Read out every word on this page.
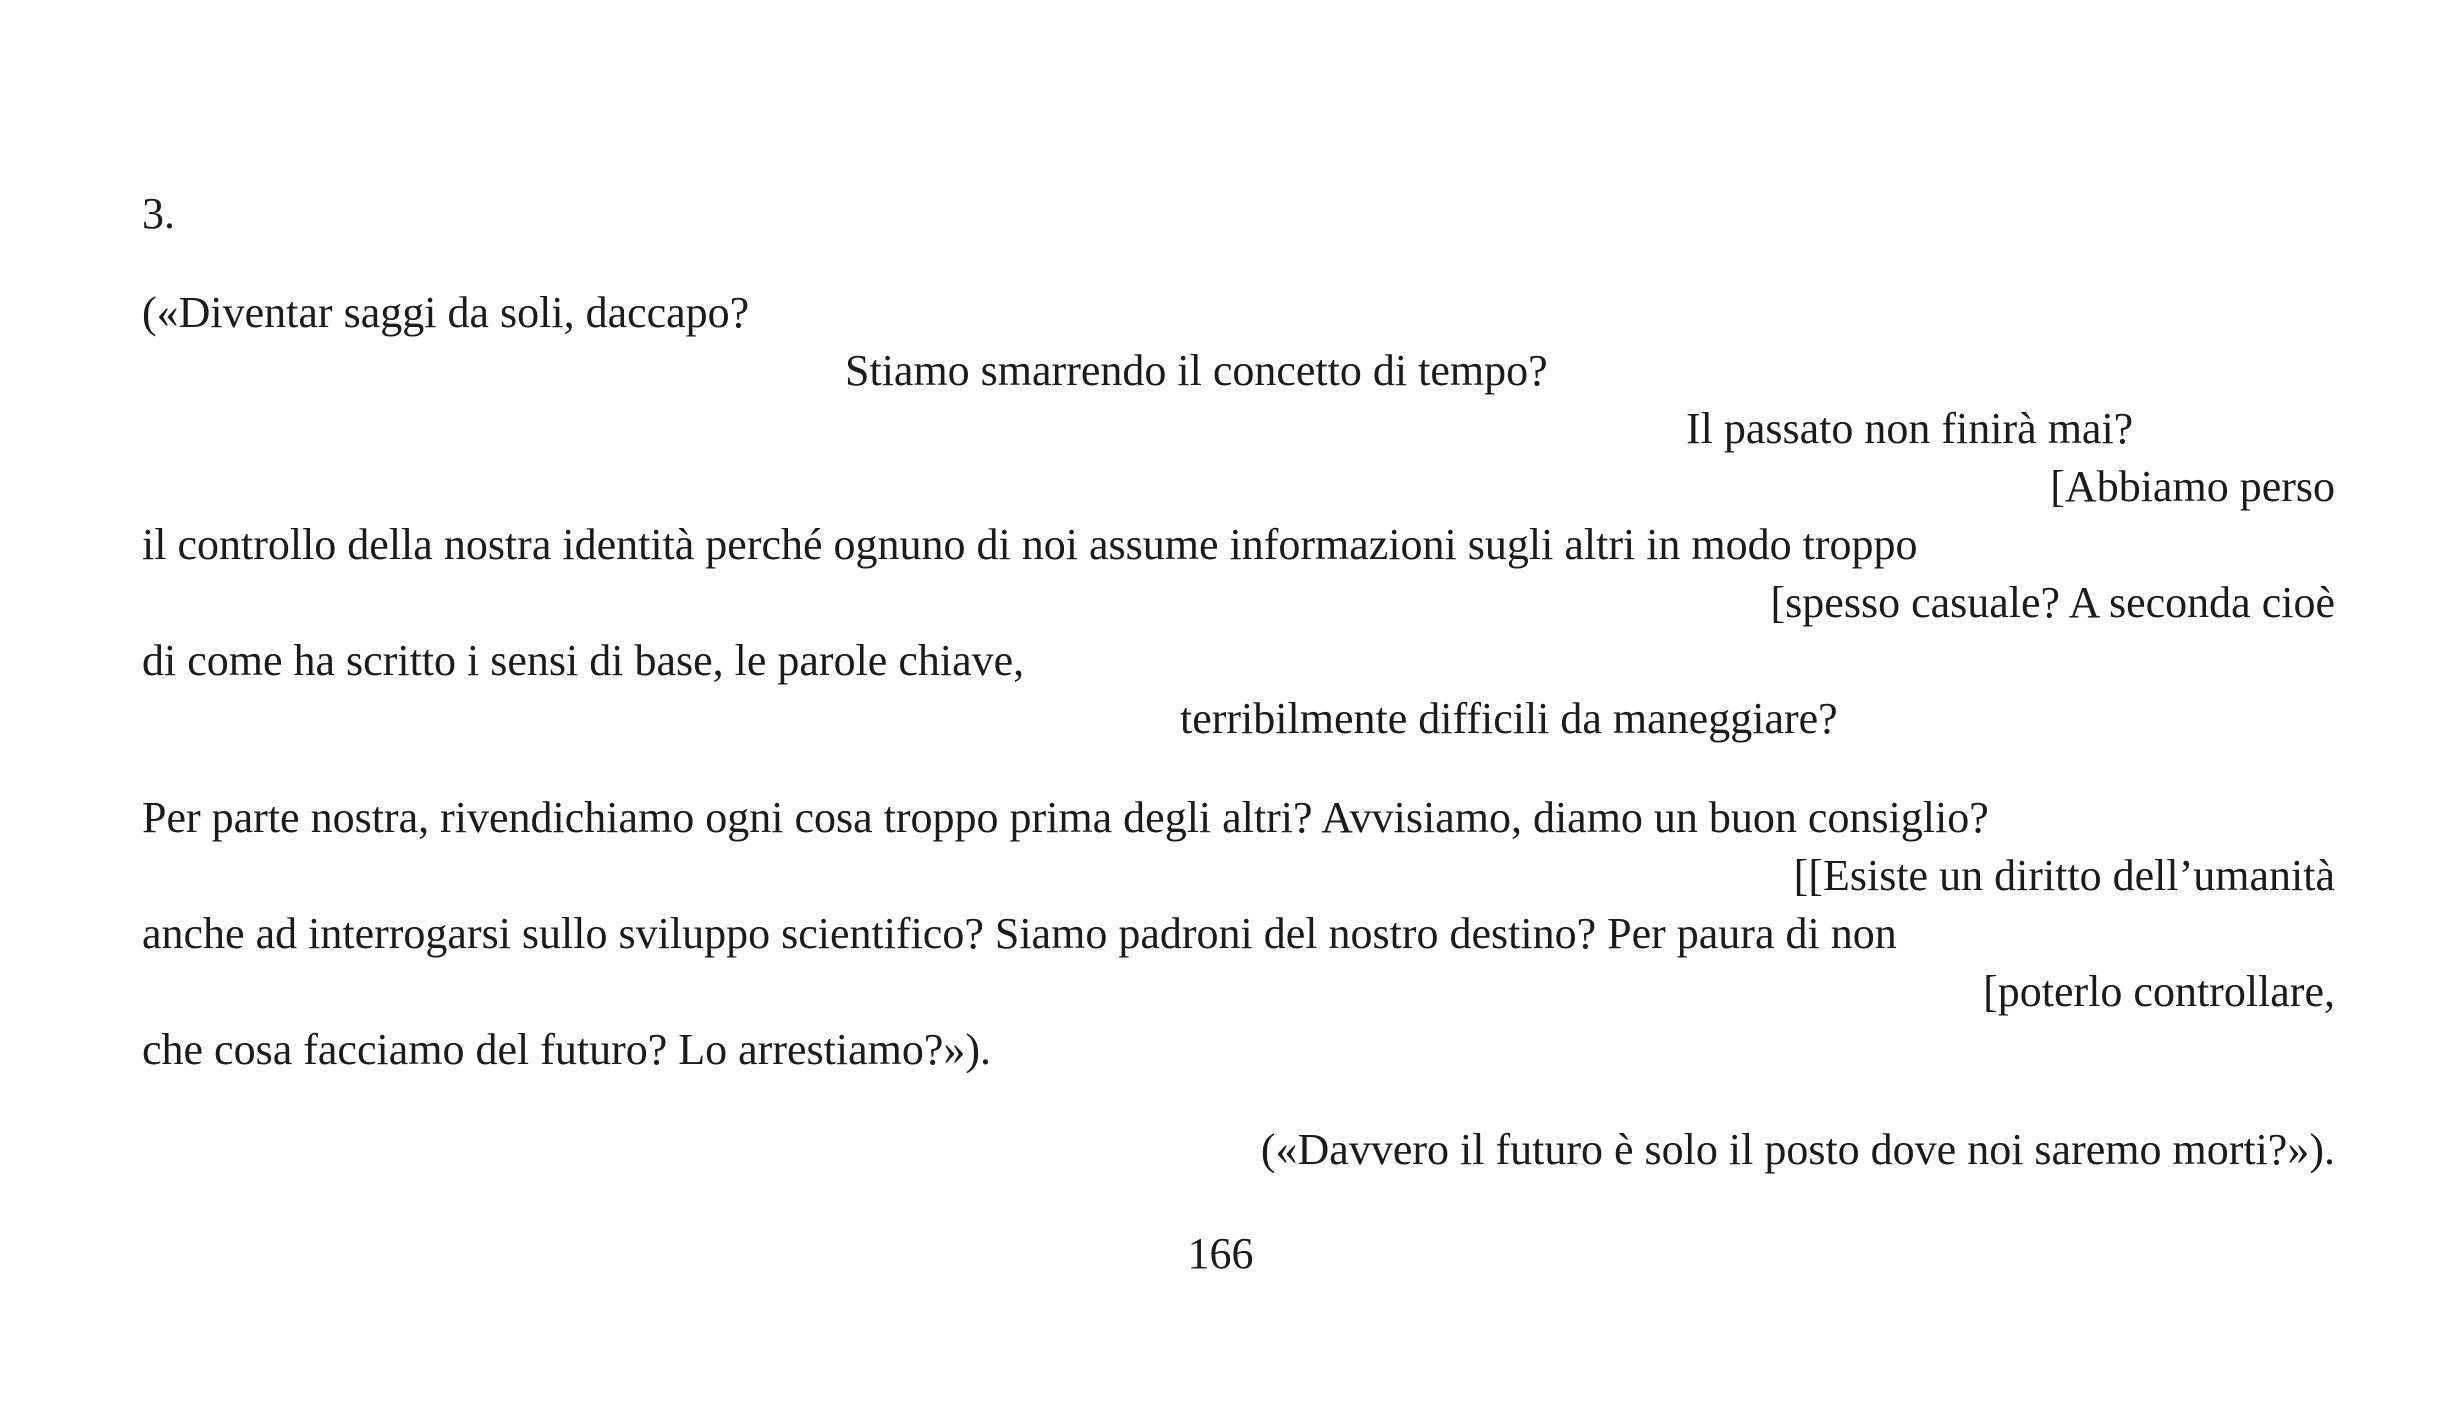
3.
(«Diventar saggi da soli, daccapo?
Stiamo smarrendo il concetto di tempo?
Il passato non finirà mai?
[Abbiamo perso
il controllo della nostra identità perché ognuno di noi assume informazioni sugli altri in modo troppo
[spesso casuale? A seconda cioè
di come ha scritto i sensi di base, le parole chiave,
terribilmente difficili da maneggiare?
Per parte nostra, rivendichiamo ogni cosa troppo prima degli altri? Avvisiamo, diamo un buon consiglio?
[[Esiste un diritto dell’umanità
anche ad interrogarsi sullo sviluppo scientifico? Siamo padroni del nostro destino? Per paura di non
[poterlo controllare,
che cosa facciamo del futuro? Lo arrestiamo?»).
(«Davvero il futuro è solo il posto dove noi saremo morti?»).
166
